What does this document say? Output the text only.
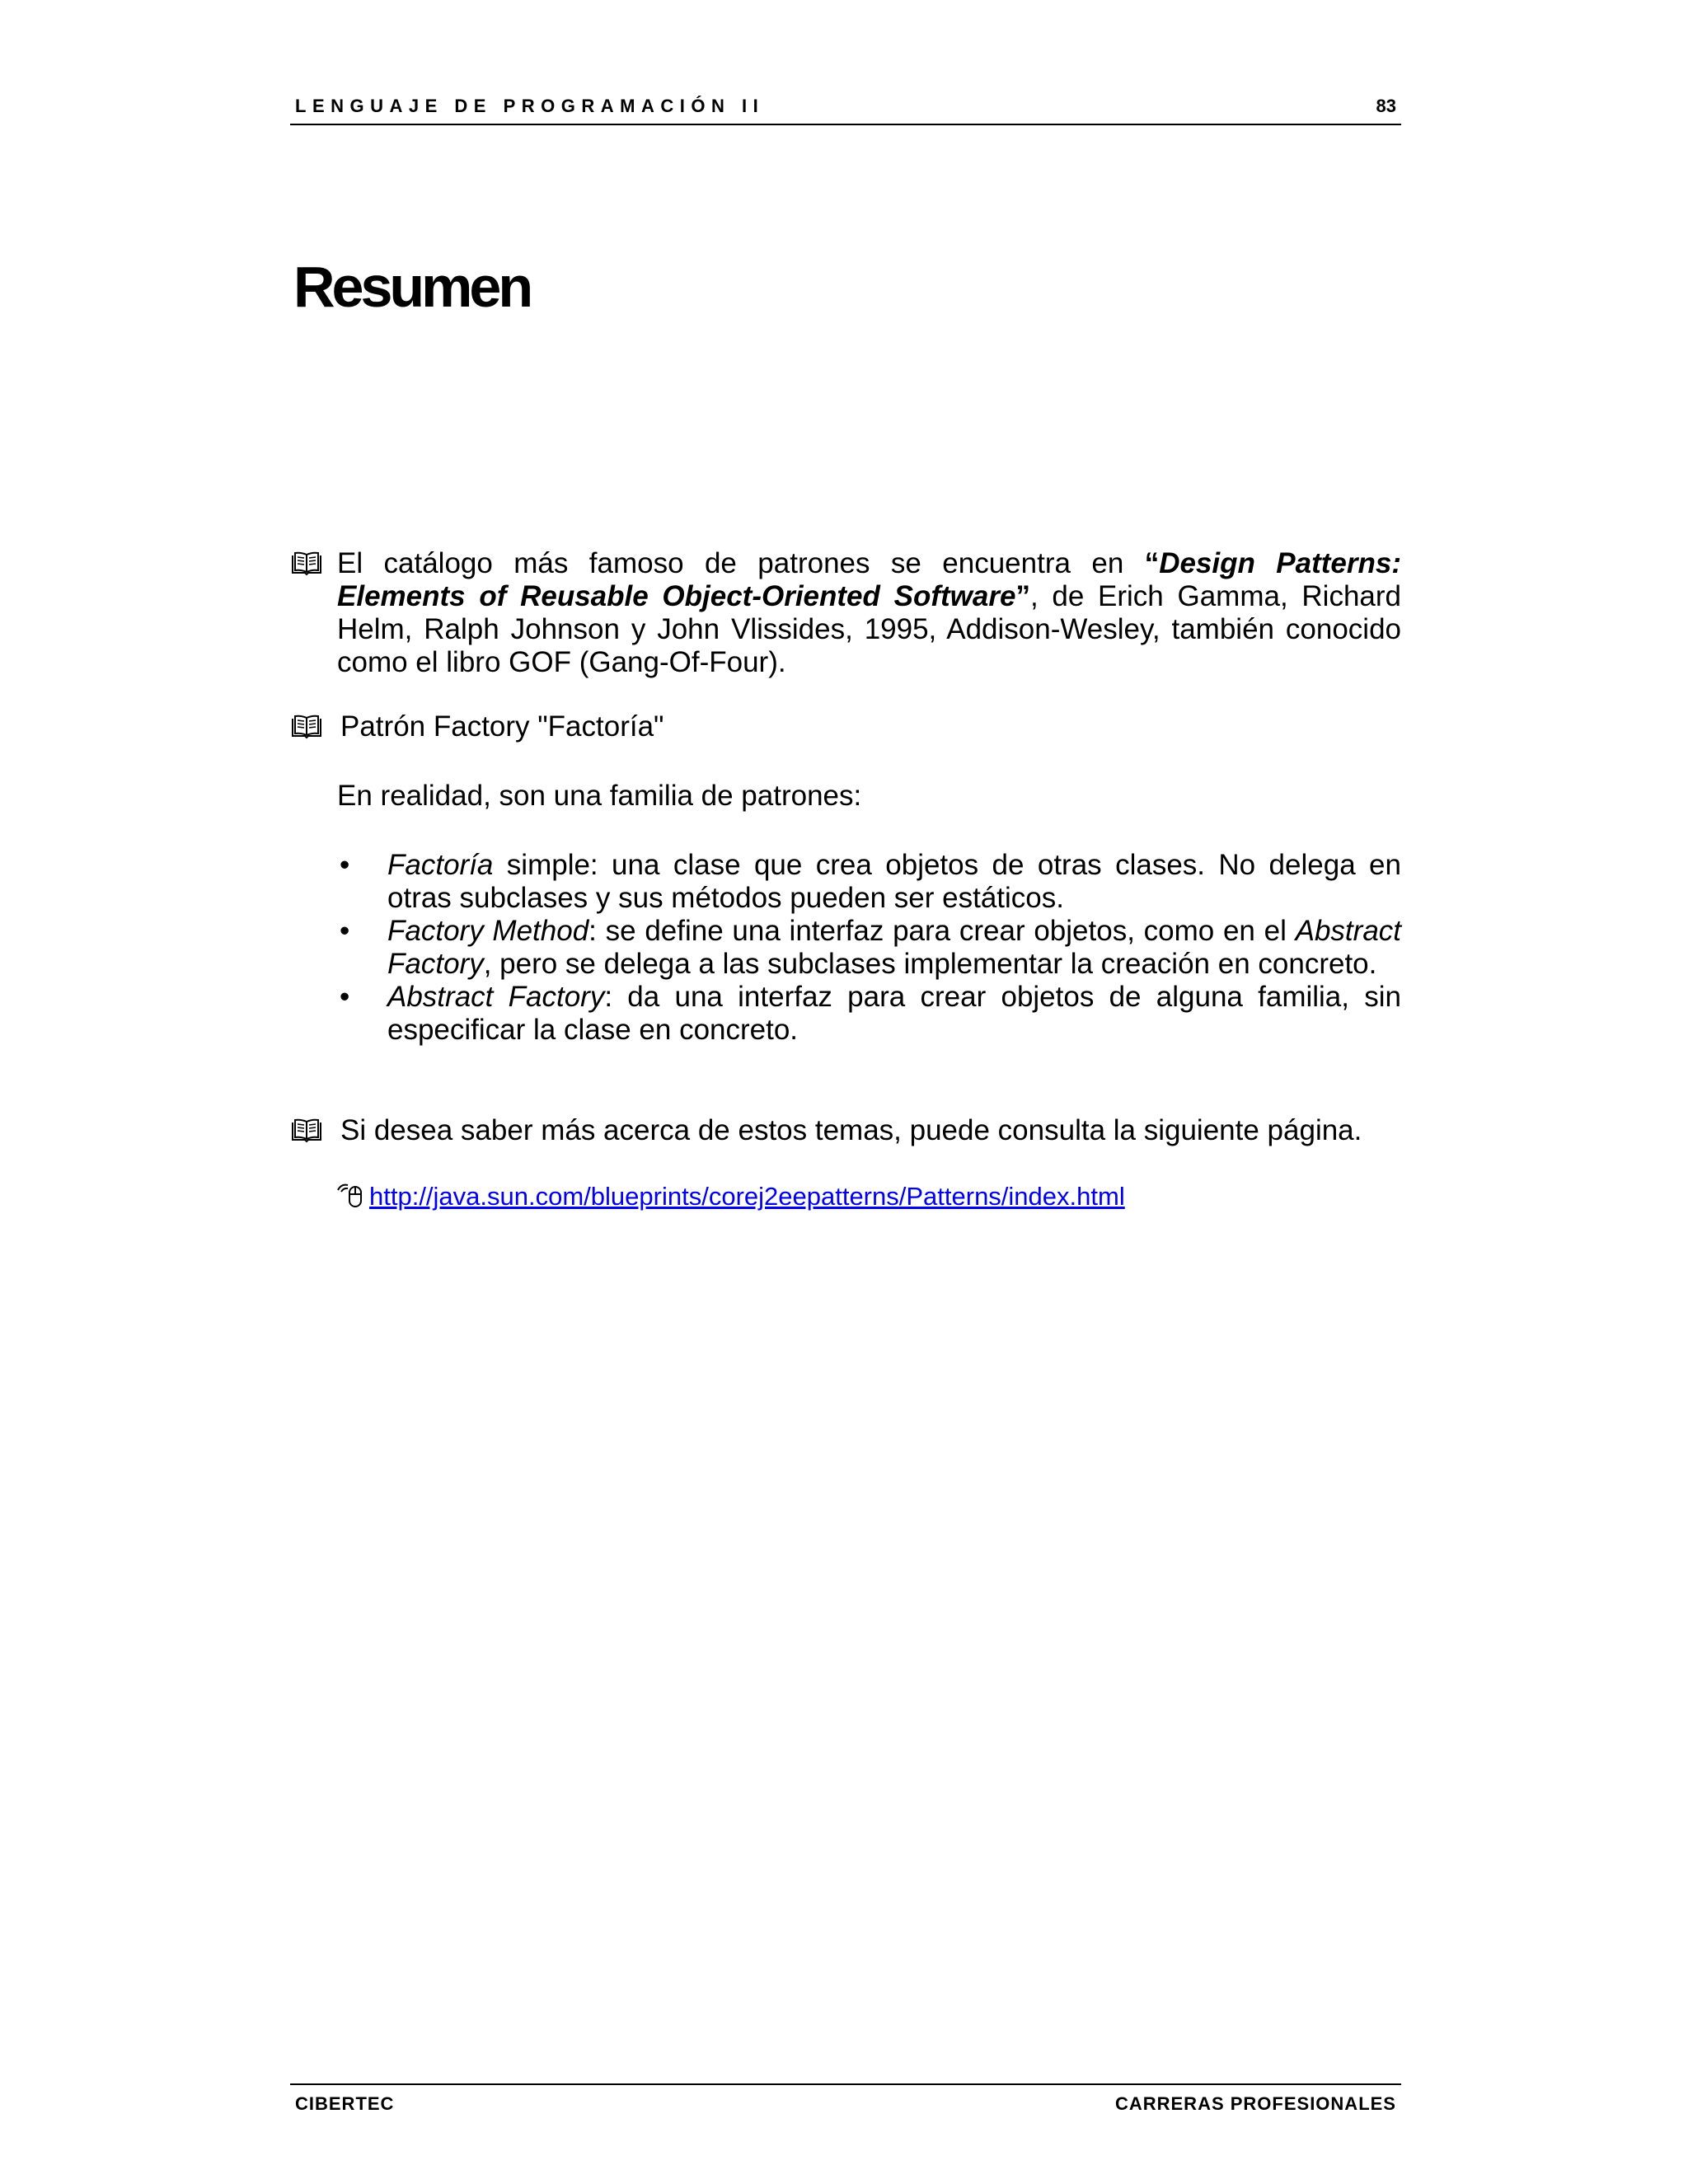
LENGUAJE DE PROGRAMACIÓN II	83
Resumen
El catálogo más famoso de patrones se encuentra en “Design Patterns: Elements of Reusable Object-Oriented Software”, de Erich Gamma, Richard Helm, Ralph Johnson y John Vlissides, 1995, Addison-Wesley, también conocido como el libro GOF (Gang-Of-Four).
Patrón Factory "Factoría"
En realidad, son una familia de patrones:
• Factoría simple: una clase que crea objetos de otras clases. No delega en otras subclases y sus métodos pueden ser estáticos.
• Factory Method: se define una interfaz para crear objetos, como en el Abstract Factory, pero se delega a las subclases implementar la creación en concreto.
• Abstract Factory: da una interfaz para crear objetos de alguna familia, sin especificar la clase en concreto.
Si desea saber más acerca de estos temas, puede consulta la siguiente página.
http://java.sun.com/blueprints/corej2eepatterns/Patterns/index.html
CIBERTEC	CARRERAS PROFESIONALES
